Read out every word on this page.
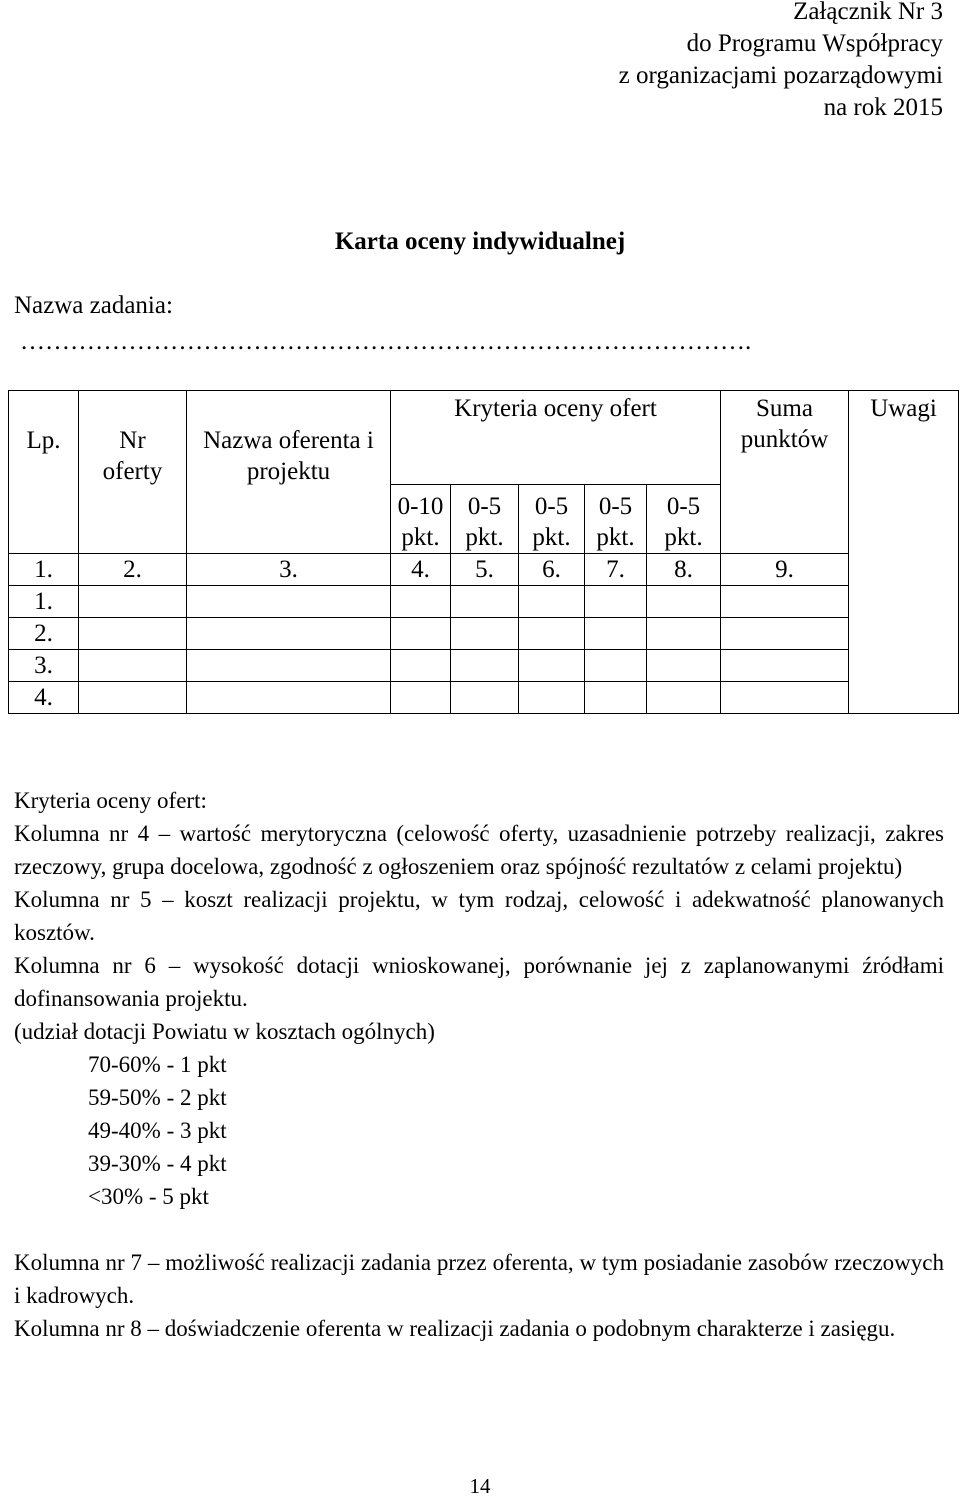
Załącznik Nr 3
do Programu Współpracy
z organizacjami pozarządowymi
na rok 2015
Karta oceny indywidualnej
Nazwa zadania:
…………………………………………………………………………….
Lp.	Nr oferty	Nazwa oferenta i projektu	Kryteria oceny ofert					Suma punktów	Uwagi
			0-10 pkt.	0-5 pkt.	0-5 pkt.	0-5 pkt.	0-5 pkt.		
1.	2.	3.	4.	5.	6.	7.	8.	9.	
1.									
2.									
3.									
4.									

Kryteria oceny ofert:

Kolumna nr 4 – wartość merytoryczna (celowość oferty, uzasadnienie potrzeby realizacji, zakres rzeczowy, grupa docelowa, zgodność z ogłoszeniem oraz spójność rezultatów z celami projektu)

Kolumna nr 5 – koszt realizacji projektu, w tym rodzaj, celowość i adekwatność planowanych kosztów.

Kolumna nr 6 – wysokość dotacji wnioskowanej, porównanie jej z zaplanowanymi źródłami dofinansowania projektu.

(udział dotacji Powiatu w kosztach ogólnych)

70-60% - 1 pkt

59-50% - 2 pkt

49-40% - 3 pkt

39-30% - 4 pkt

<30% - 5 pkt

Kolumna nr 7 – możliwość realizacji zadania przez oferenta, w tym posiadanie zasobów rzeczowych i kadrowych.

Kolumna nr 8 – doświadczenie oferenta w realizacji zadania o podobnym charakterze i zasięgu.

14
